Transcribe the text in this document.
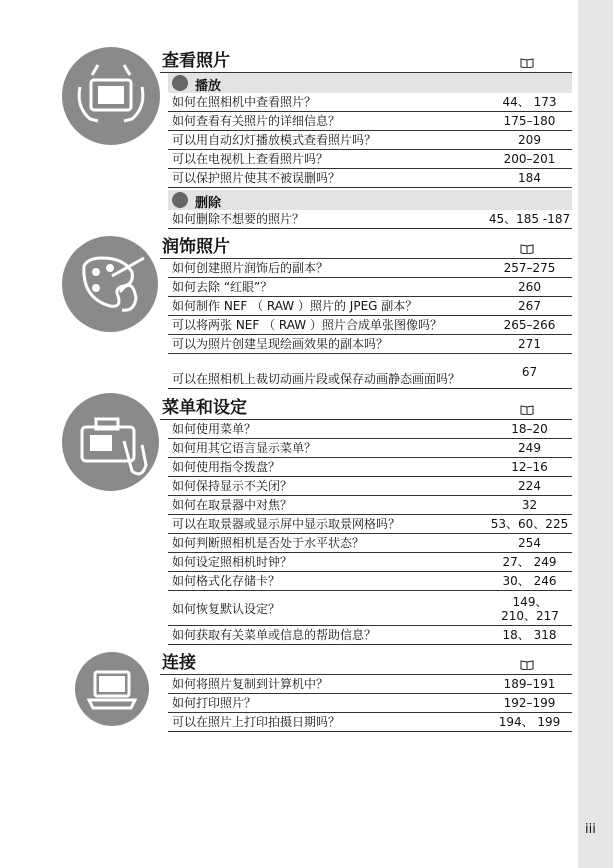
iii
查看照片
播放
如何在照相机中查看照片？	44、 173
如何查看有关照片的详细信息？	175–180
可以用自动幻灯播放模式查看照片吗？	209
可以在电视机上查看照片吗？	200–201
可以保护照片使其不被误删吗？	184
删除
如何删除不想要的照片？	45、185 -187
润饰照片
如何创建照片润饰后的副本？	257–275
如何去除 “红眼”？	260
如何制作 NEF （ RAW ）照片的 JPEG 副本？	267
可以将两张 NEF （ RAW ）照片合成单张图像吗？	265–266
可以为照片创建呈现绘画效果的副本吗？	271
可以在照相机上裁切动画片段或保存动画静态画面吗？	67
菜单和设定
如何使用菜单？	18–20
如何用其它语言显示菜单？	249
如何使用指令拨盘？	12–16
如何保持显示不关闭？	224
如何在取景器中对焦？	32
可以在取景器或显示屏中显示取景网格吗？	53、60、225
如何判断照相机是否处于水平状态？	254
如何设定照相机时钟？	27、 249
如何格式化存储卡？	30、 246
如何恢复默认设定？	149、210、217
如何获取有关菜单或信息的帮助信息？	18、 318
连接
如何将照片复制到计算机中？	189–191
如何打印照片？	192–199
可以在照片上打印拍摄日期吗？	194、 199
